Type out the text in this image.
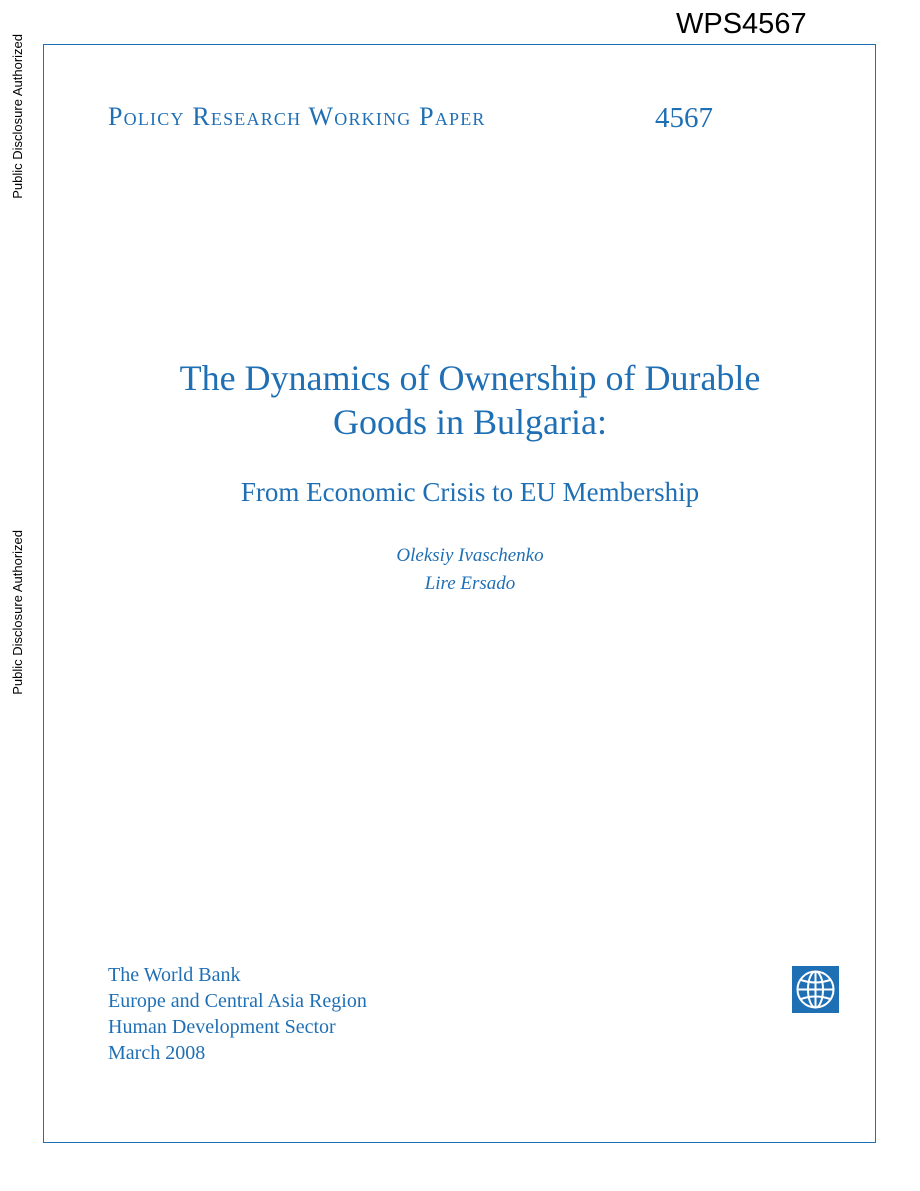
WPS4567
Public Disclosure Authorized
Public Disclosure Authorized
Policy Research Working Paper	4567
The Dynamics of Ownership of Durable
Goods in Bulgaria:
From Economic Crisis to EU Membership
Oleksiy Ivaschenko
Lire Ersado
The World Bank
Europe and Central Asia Region
Human Development Sector
March 2008
